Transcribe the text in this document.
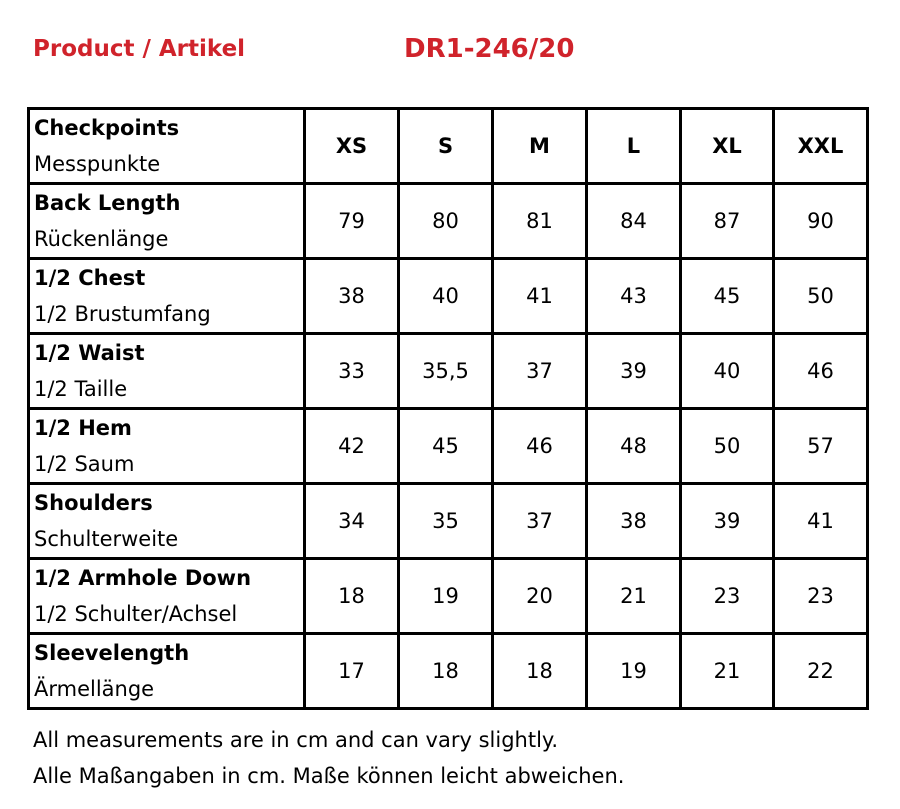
Product / Artikel	DR1-246/20
Checkpoints
Messpunkte	XS	S	M	L	XL	XXL

Back Length
Rückenlänge	79	80	81	84	87	90

1/2 Chest
1/2 Brustumfang	38	40	41	43	45	50

1/2 Waist
1/2 Taille	33	35,5	37	39	40	46

1/2 Hem
1/2 Saum	42	45	46	48	50	57

Shoulders
Schulterweite	34	35	37	38	39	41

1/2 Armhole Down
1/2 Schulter/Achsel	18	19	20	21	23	23

Sleevelength
Ärmellänge	17	18	18	19	21	22
All measurements are in cm and can vary slightly.
Alle Maßangaben in cm. Maße können leicht abweichen.
